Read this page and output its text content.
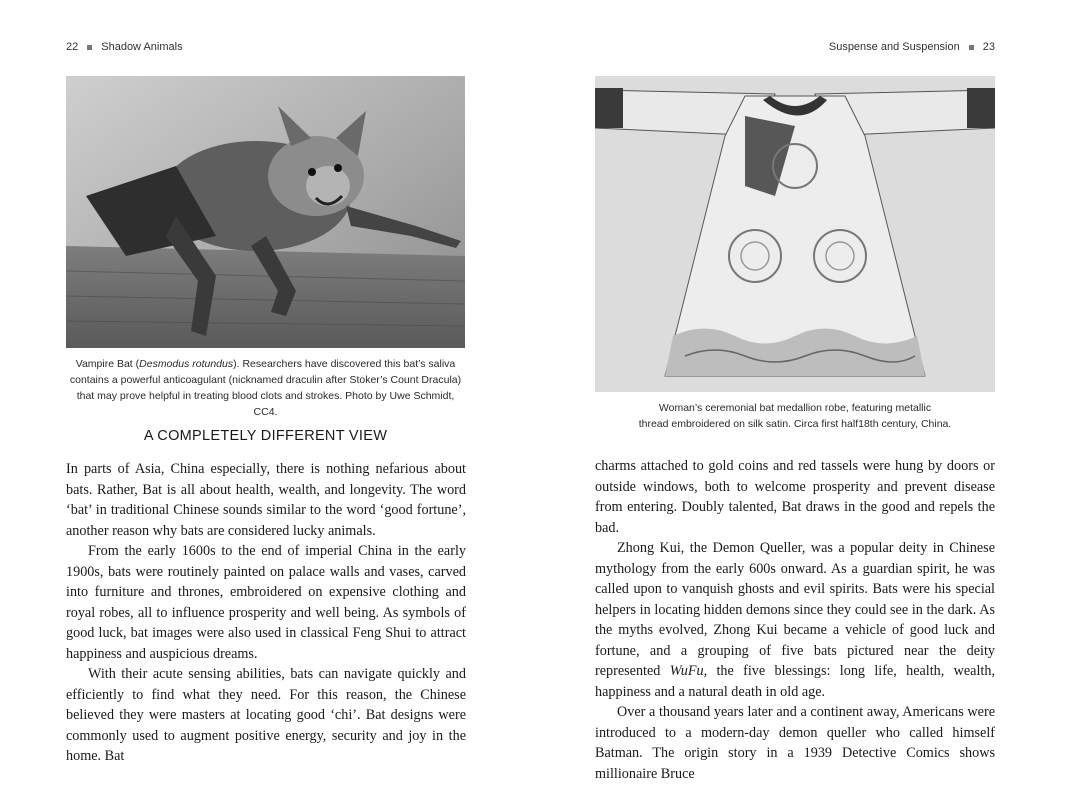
22 Shadow Animals

Vampire Bat (Desmodus rotundus). Researchers have discovered this bat’s saliva contains a powerful anticoagulant (nicknamed draculin after Stoker’s Count Dracula) that may prove helpful in treating blood clots and strokes. Photo by Uwe Schmidt, CC4.

A COMPLETELY DIFFERENT VIEW

In parts of Asia, China especially, there is nothing nefarious about bats. Rather, Bat is all about health, wealth, and longevity. The word ‘bat’ in traditional Chinese sounds similar to the word ‘good fortune’, another reason why bats are considered lucky animals.

From the early 1600s to the end of imperial China in the early 1900s, bats were routinely painted on palace walls and vases, carved into furniture and thrones, embroidered on expensive clothing and royal robes, all to influence prosperity and well being. As symbols of good luck, bat images were also used in classical Feng Shui to attract happiness and auspicious dreams.

With their acute sensing abilities, bats can navigate quickly and efficiently to find what they need. For this reason, the Chinese believed they were masters at locating good ‘chi’. Bat designs were commonly used to augment positive energy, security and joy in the home. Bat

Suspense and Suspension 23

Woman’s ceremonial bat medallion robe, featuring metallic

thread embroidered on silk satin. Circa first half18th century, China.

charms attached to gold coins and red tassels were hung by doors or outside windows, both to welcome prosperity and prevent disease from entering. Doubly talented, Bat draws in the good and repels the bad.

Zhong Kui, the Demon Queller, was a popular deity in Chinese mythology from the early 600s onward. As a guardian spirit, he was called upon to vanquish ghosts and evil spirits. Bats were his special helpers in locating hidden demons since they could see in the dark. As the myths evolved, Zhong Kui became a vehicle of good luck and fortune, and a grouping of five bats pictured near the deity represented WuFu, the five blessings: long life, health, wealth, happiness and a natural death in old age.

Over a thousand years later and a continent away, Americans were introduced to a modern-day demon queller who called himself Batman. The origin story in a 1939 Detective Comics shows millionaire Bruce
